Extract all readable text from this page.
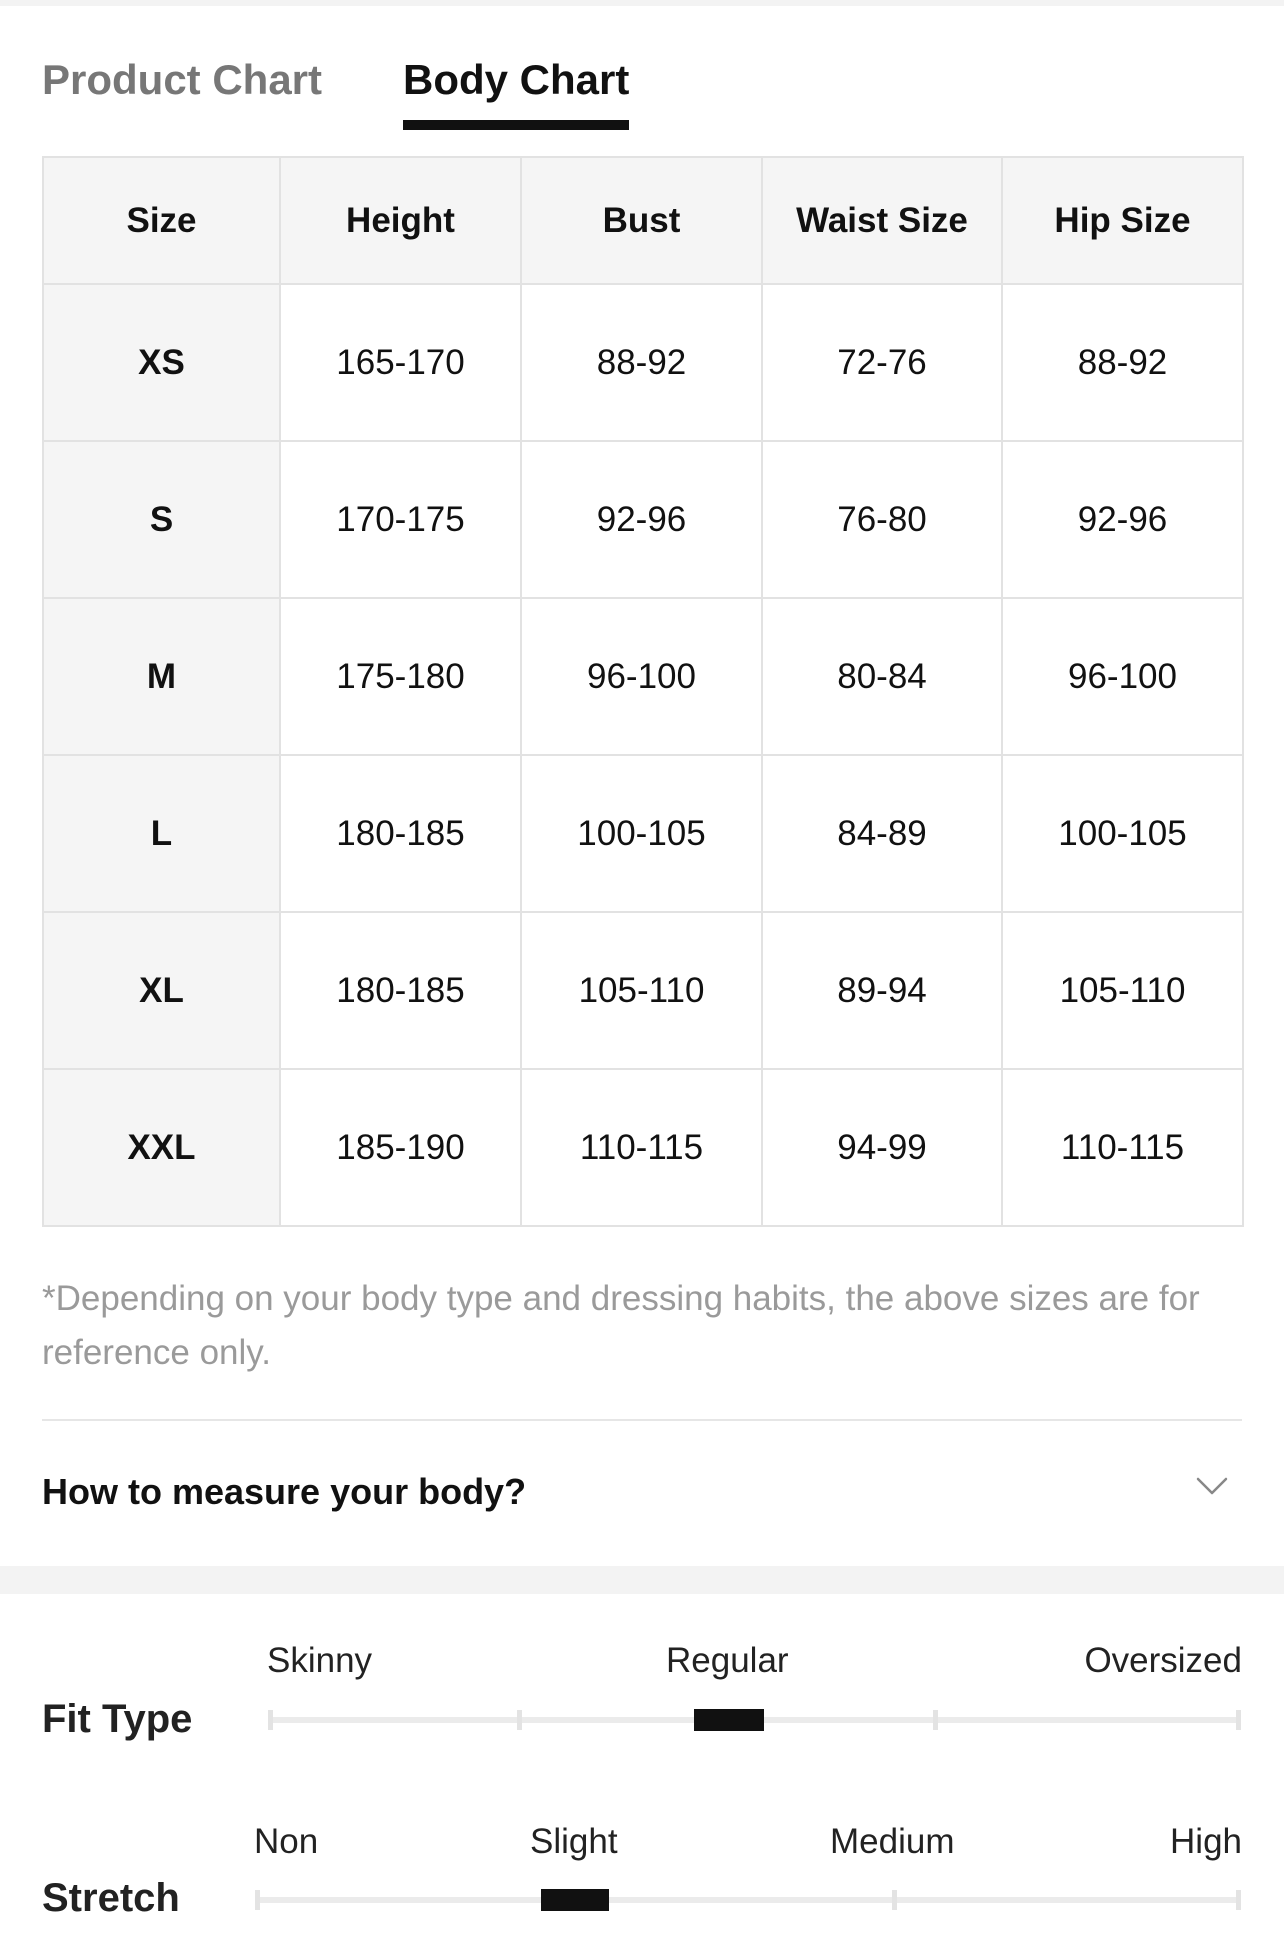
Product Chart Body Chart
Size	Height	Bust	Waist Size	Hip Size
XS	165-170	88-92	72-76	88-92
S	170-175	92-96	76-80	92-96
M	175-180	96-100	80-84	96-100
L	180-185	100-105	84-89	100-105
XL	180-185	105-110	89-94	105-110
XXL	185-190	110-115	94-99	110-115
*Depending on your body type and dressing habits, the above sizes are for reference only.
How to measure your body?
Fit Type
Skinny	Regular	Oversized
Stretch
Non	Slight	Medium	High
